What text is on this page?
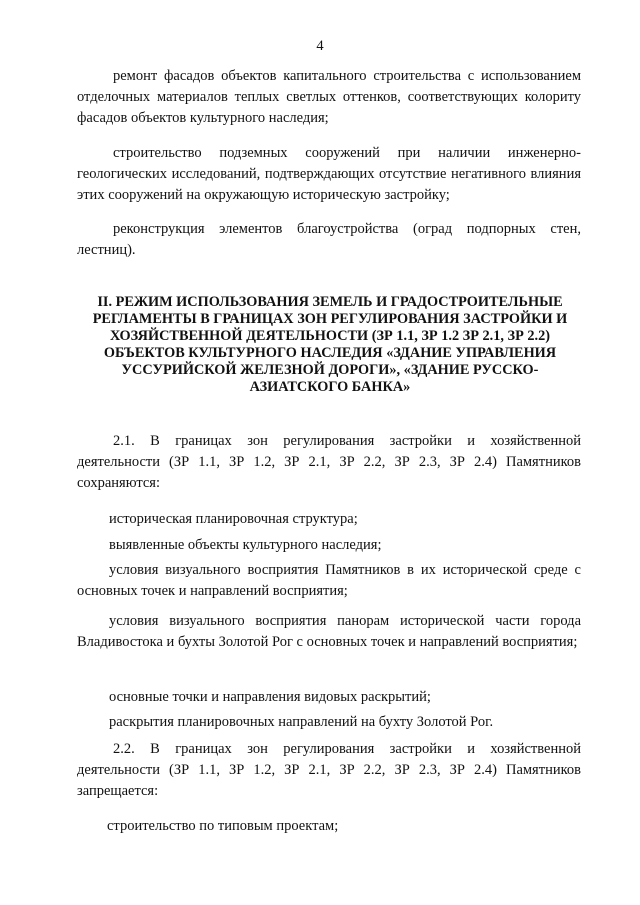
4
ремонт фасадов объектов капитального строительства с использованием отделочных материалов теплых светлых оттенков, соответствующих колориту фасадов объектов культурного наследия;
строительство подземных сооружений при наличии инженерно-геологических исследований, подтверждающих отсутствие негативного влияния этих сооружений на окружающую историческую застройку;
реконструкция элементов благоустройства (оград подпорных стен, лестниц).
II. РЕЖИМ ИСПОЛЬЗОВАНИЯ ЗЕМЕЛЬ И ГРАДОСТРОИТЕЛЬНЫЕ РЕГЛАМЕНТЫ В ГРАНИЦАХ ЗОН РЕГУЛИРОВАНИЯ ЗАСТРОЙКИ И ХОЗЯЙСТВЕННОЙ ДЕЯТЕЛЬНОСТИ (ЗР 1.1, ЗР 1.2 ЗР 2.1, ЗР 2.2) ОБЪЕКТОВ КУЛЬТУРНОГО НАСЛЕДИЯ «ЗДАНИЕ УПРАВЛЕНИЯ УССУРИЙСКОЙ ЖЕЛЕЗНОЙ ДОРОГИ», «ЗДАНИЕ РУССКО-АЗИАТСКОГО БАНКА»
2.1. В границах зон регулирования застройки и хозяйственной деятельности (ЗР 1.1, ЗР 1.2, ЗР 2.1, ЗР 2.2, ЗР 2.3, ЗР 2.4) Памятников сохраняются:
историческая планировочная структура;
выявленные объекты культурного наследия;
условия визуального восприятия Памятников в их исторической среде с основных точек и направлений восприятия;
условия визуального восприятия панорам исторической части города Владивостока и бухты Золотой Рог с основных точек и направлений восприятия;
основные точки и направления видовых раскрытий;
раскрытия планировочных направлений на бухту Золотой Рог.
2.2. В границах зон регулирования застройки и хозяйственной деятельности (ЗР 1.1, ЗР 1.2, ЗР 2.1, ЗР 2.2, ЗР 2.3, ЗР 2.4) Памятников запрещается:
строительство по типовым проектам;
